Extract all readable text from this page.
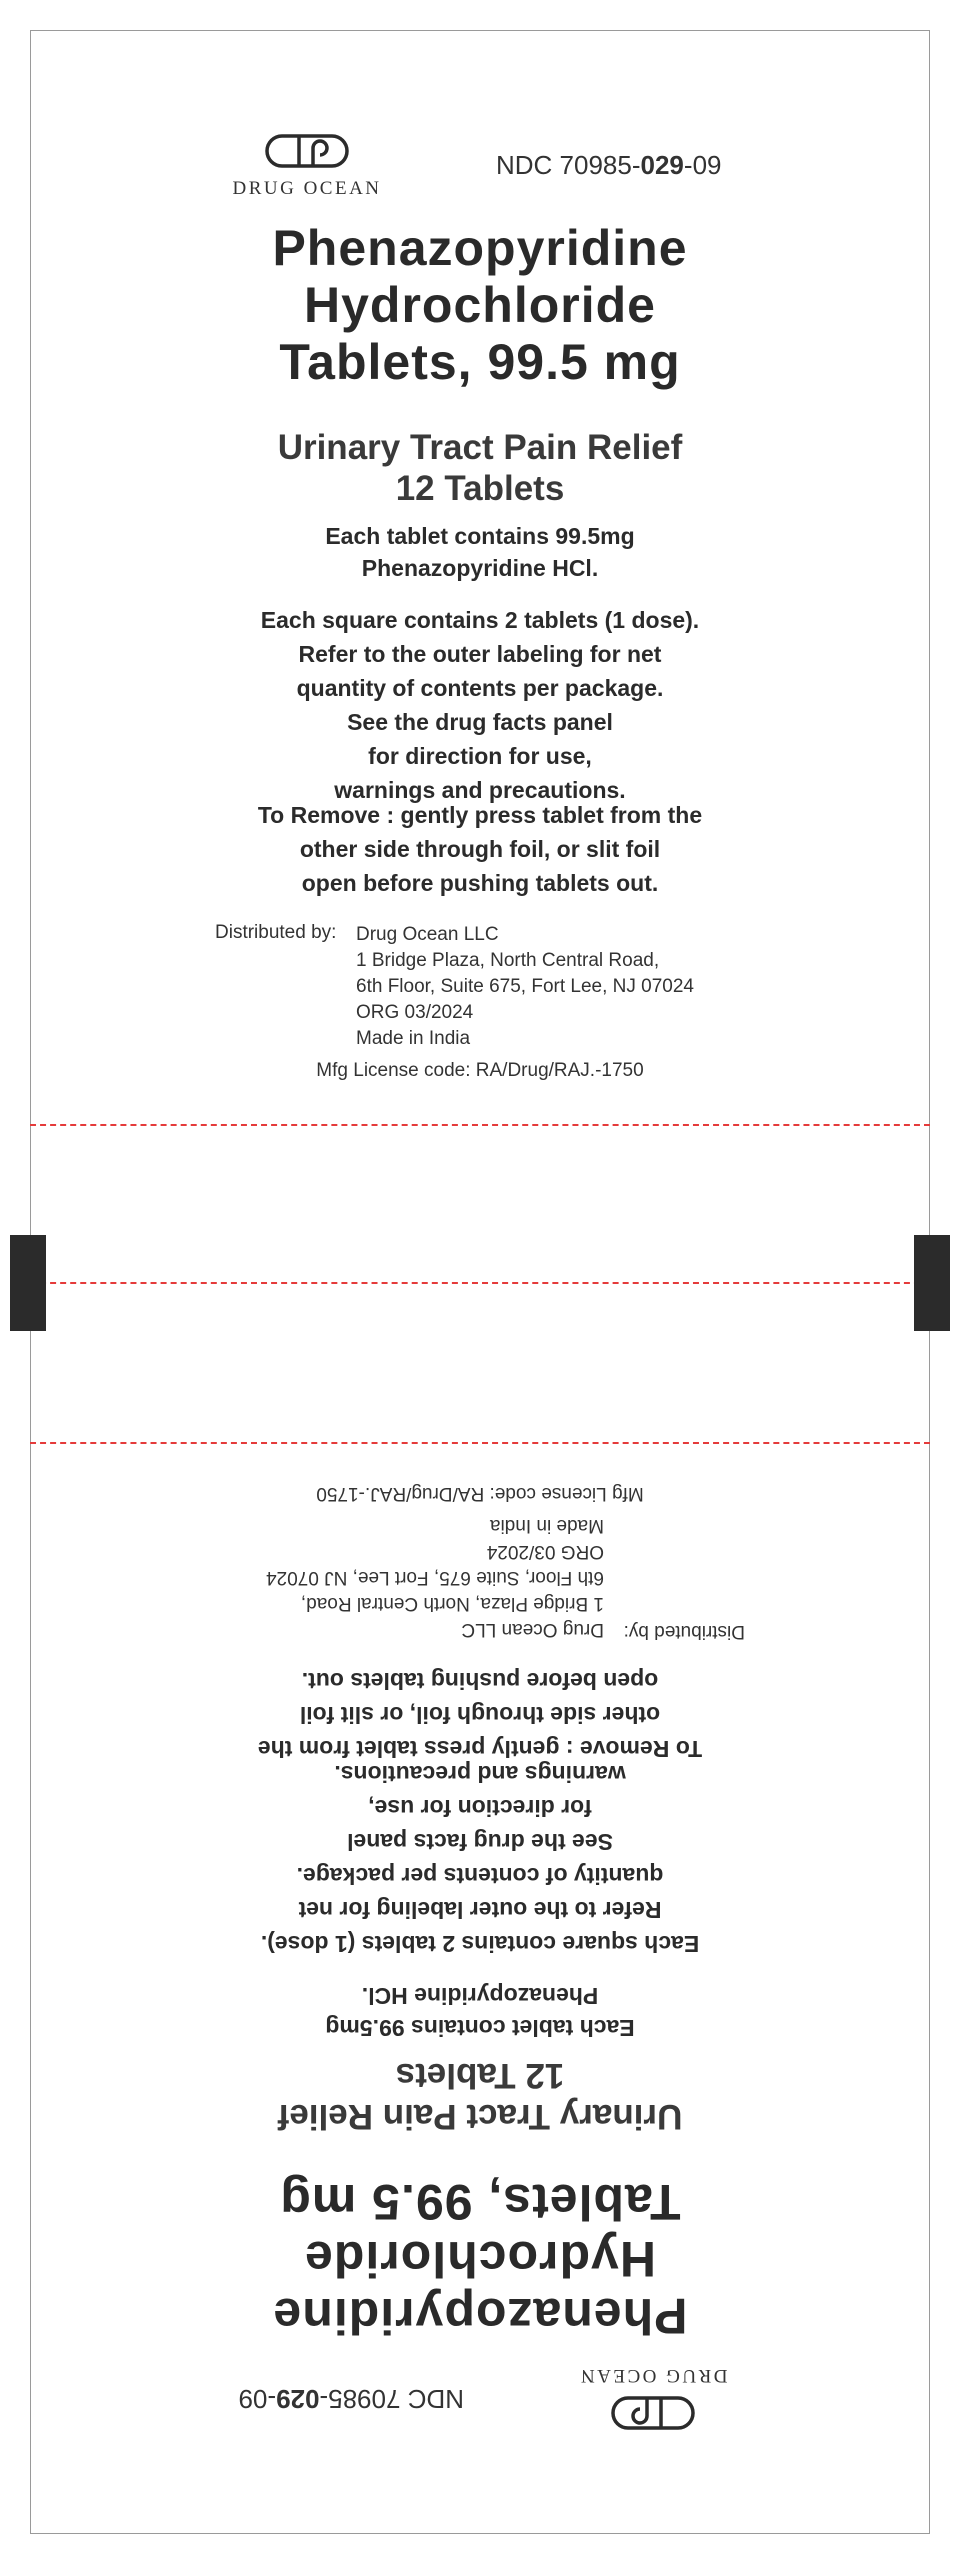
DRUG OCEAN
NDC 70985-029-09
Phenazopyridine
Hydrochloride
Tablets, 99.5 mg
Urinary Tract Pain Relief
12 Tablets
Each tablet contains 99.5mg
Phenazopyridine HCl.
Each square contains 2 tablets (1 dose).
Refer to the outer labeling for net
quantity of contents per package.
See the drug facts panel
for direction for use,
warnings and precautions.
To Remove : gently press tablet from the
other side through foil, or slit foil
open before pushing tablets out.
Distributed by: Drug Ocean LLC
1 Bridge Plaza, North Central Road,
6th Floor, Suite 675, Fort Lee, NJ 07024
ORG 03/2024
Made in India
Mfg License code: RA/Drug/RAJ.-1750
DRUG OCEAN
NDC 70985-029-09
Phenazopyridine
Hydrochloride
Tablets, 99.5 mg
Urinary Tract Pain Relief
12 Tablets
Each tablet contains 99.5mg
Phenazopyridine HCl.
Each square contains 2 tablets (1 dose).
Refer to the outer labeling for net
quantity of contents per package.
See the drug facts panel
for direction for use,
warnings and precautions.
To Remove : gently press tablet from the
other side through foil, or slit foil
open before pushing tablets out.
Distributed by:
Drug Ocean LLC
1 Bridge Plaza, North Central Road,
6th Floor, Suite 675, Fort Lee, NJ 07024
ORG 03/2024
Made in India
Mfg License code: RA/Drug/RAJ.-1750
